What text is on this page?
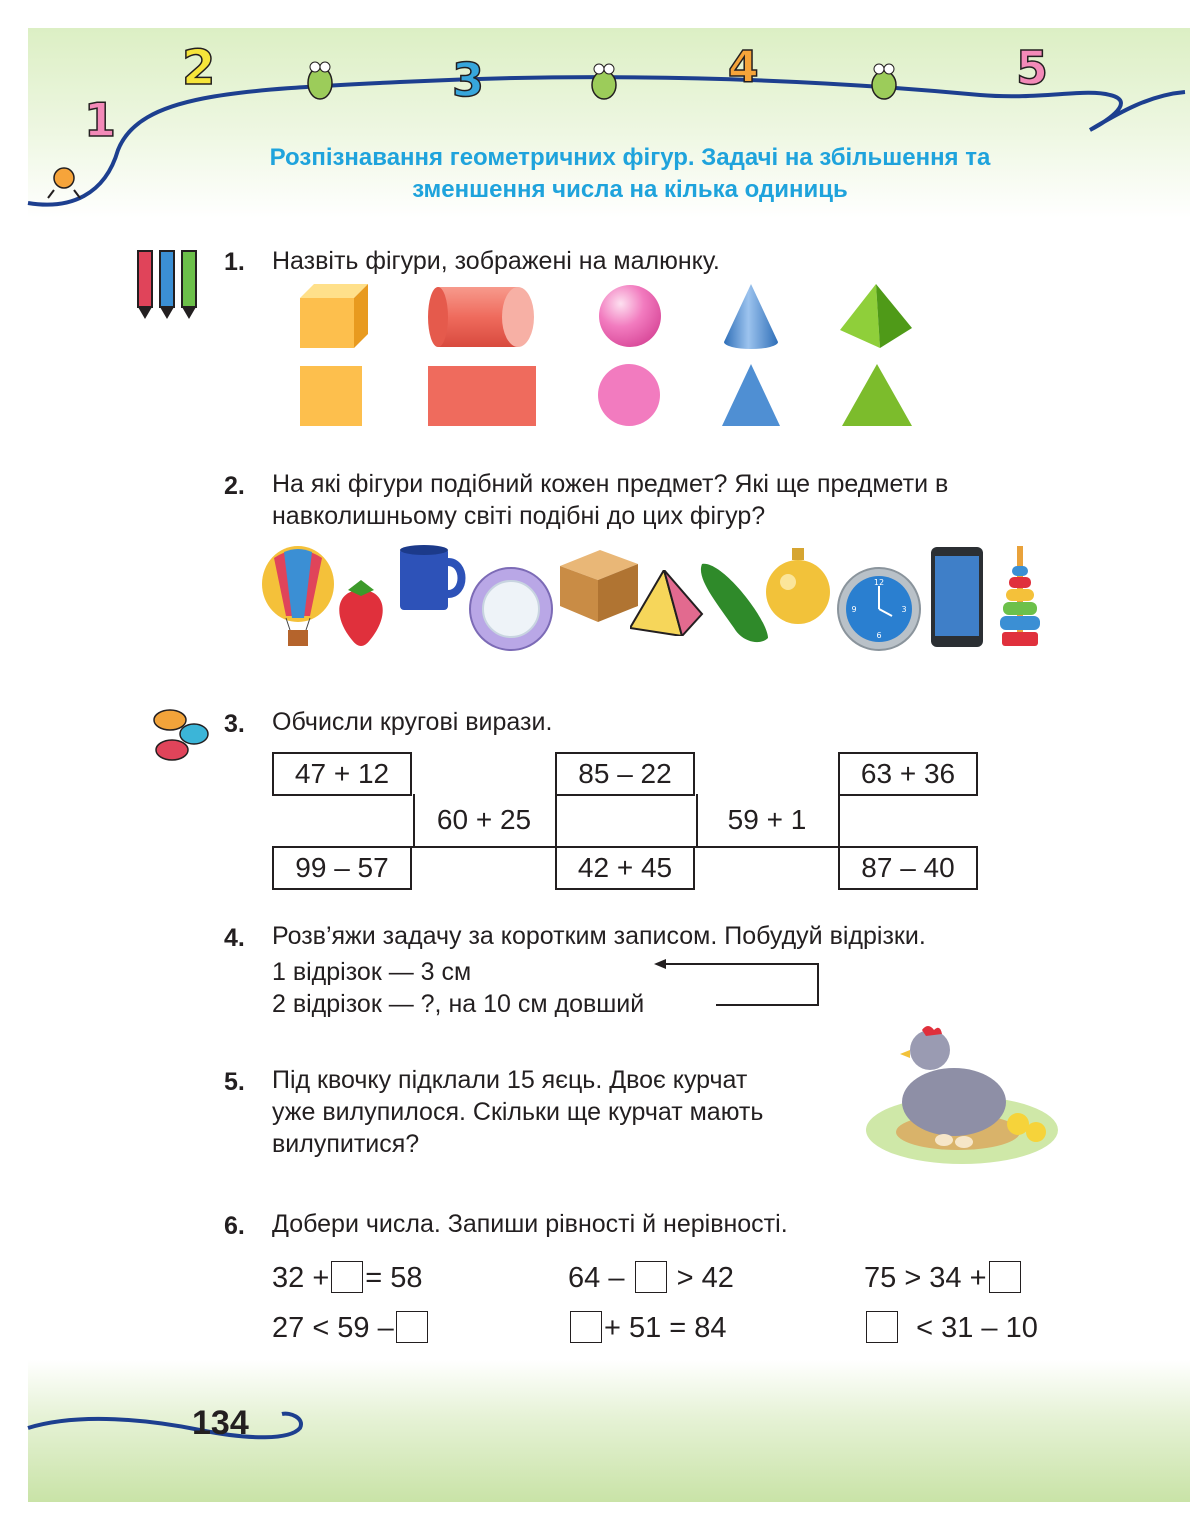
1
2	3	4	5
Розпізнавання геометричних фігур. Задачі на збільшення та
зменшення числа на кілька одиниць
1. Назвіть фігури, зображені на малюнку.
2. На які фігури подібний кожен предмет? Які ще предмети в
навколишньому світі подібні до цих фігур?
12
3
6
9
3. Обчисли кругові вирази.
47 + 12	85 – 22	63 + 36
60 + 25	59 + 1
99 – 57	42 + 45	87 – 40
4. Розв’яжи задачу за коротким записом. Побудуй відрізки.
1 відрізок — 3 см
2 відрізок — ?, на 10 см довший
5. Під квочку підклали 15 яєць. Двоє курчат
уже вилупилося. Скільки ще курчат мають
вилупитися?
6. Добери числа. Запиши рівності й нерівності.
32 + = 58	64 – > 42	75 > 34 +
27 < 59 –	+ 51 = 84	< 31 – 10
134
